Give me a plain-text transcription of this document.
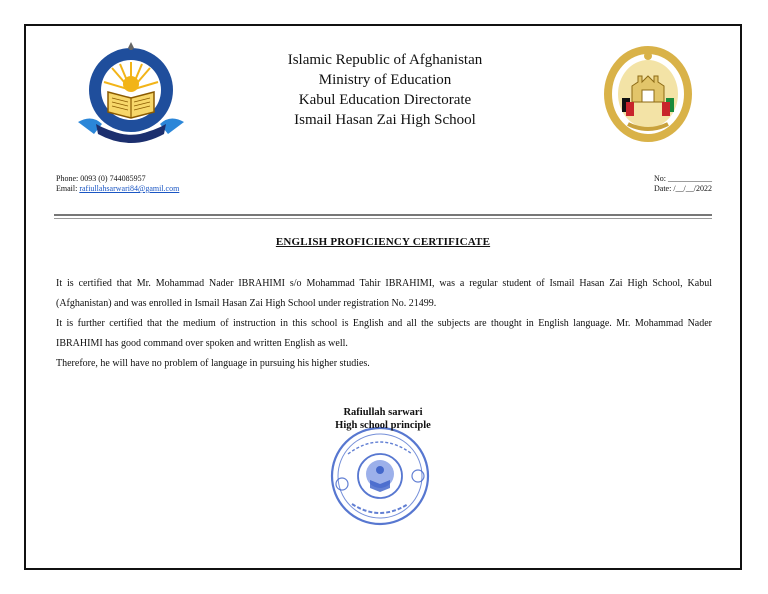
Islamic Republic of Afghanistan
Ministry of Education
Kabul Education Directorate
Ismail Hasan Zai High School
Phone: 0093 (0) 744085957
Email: rafiullahsarwari84@gamil.com
No: ___________
Date: /__/__/2022
ENGLISH PROFICIENCY CERTIFICATE

It is certified that Mr. Mohammad Nader IBRAHIMI s/o Mohammad Tahir IBRAHIMI, was a regular student of Ismail Hasan Zai High School, Kabul (Afghanistan) and was enrolled in Ismail Hasan Zai High School under registration No. 21499.

It is further certified that the medium of instruction in this school is English and all the subjects are thought in English language. Mr. Mohammad Nader IBRAHIMI has good command over spoken and written English as well.

Therefore, he will have no problem of language in pursuing his higher studies.

Rafiullah sarwari
High school principle
